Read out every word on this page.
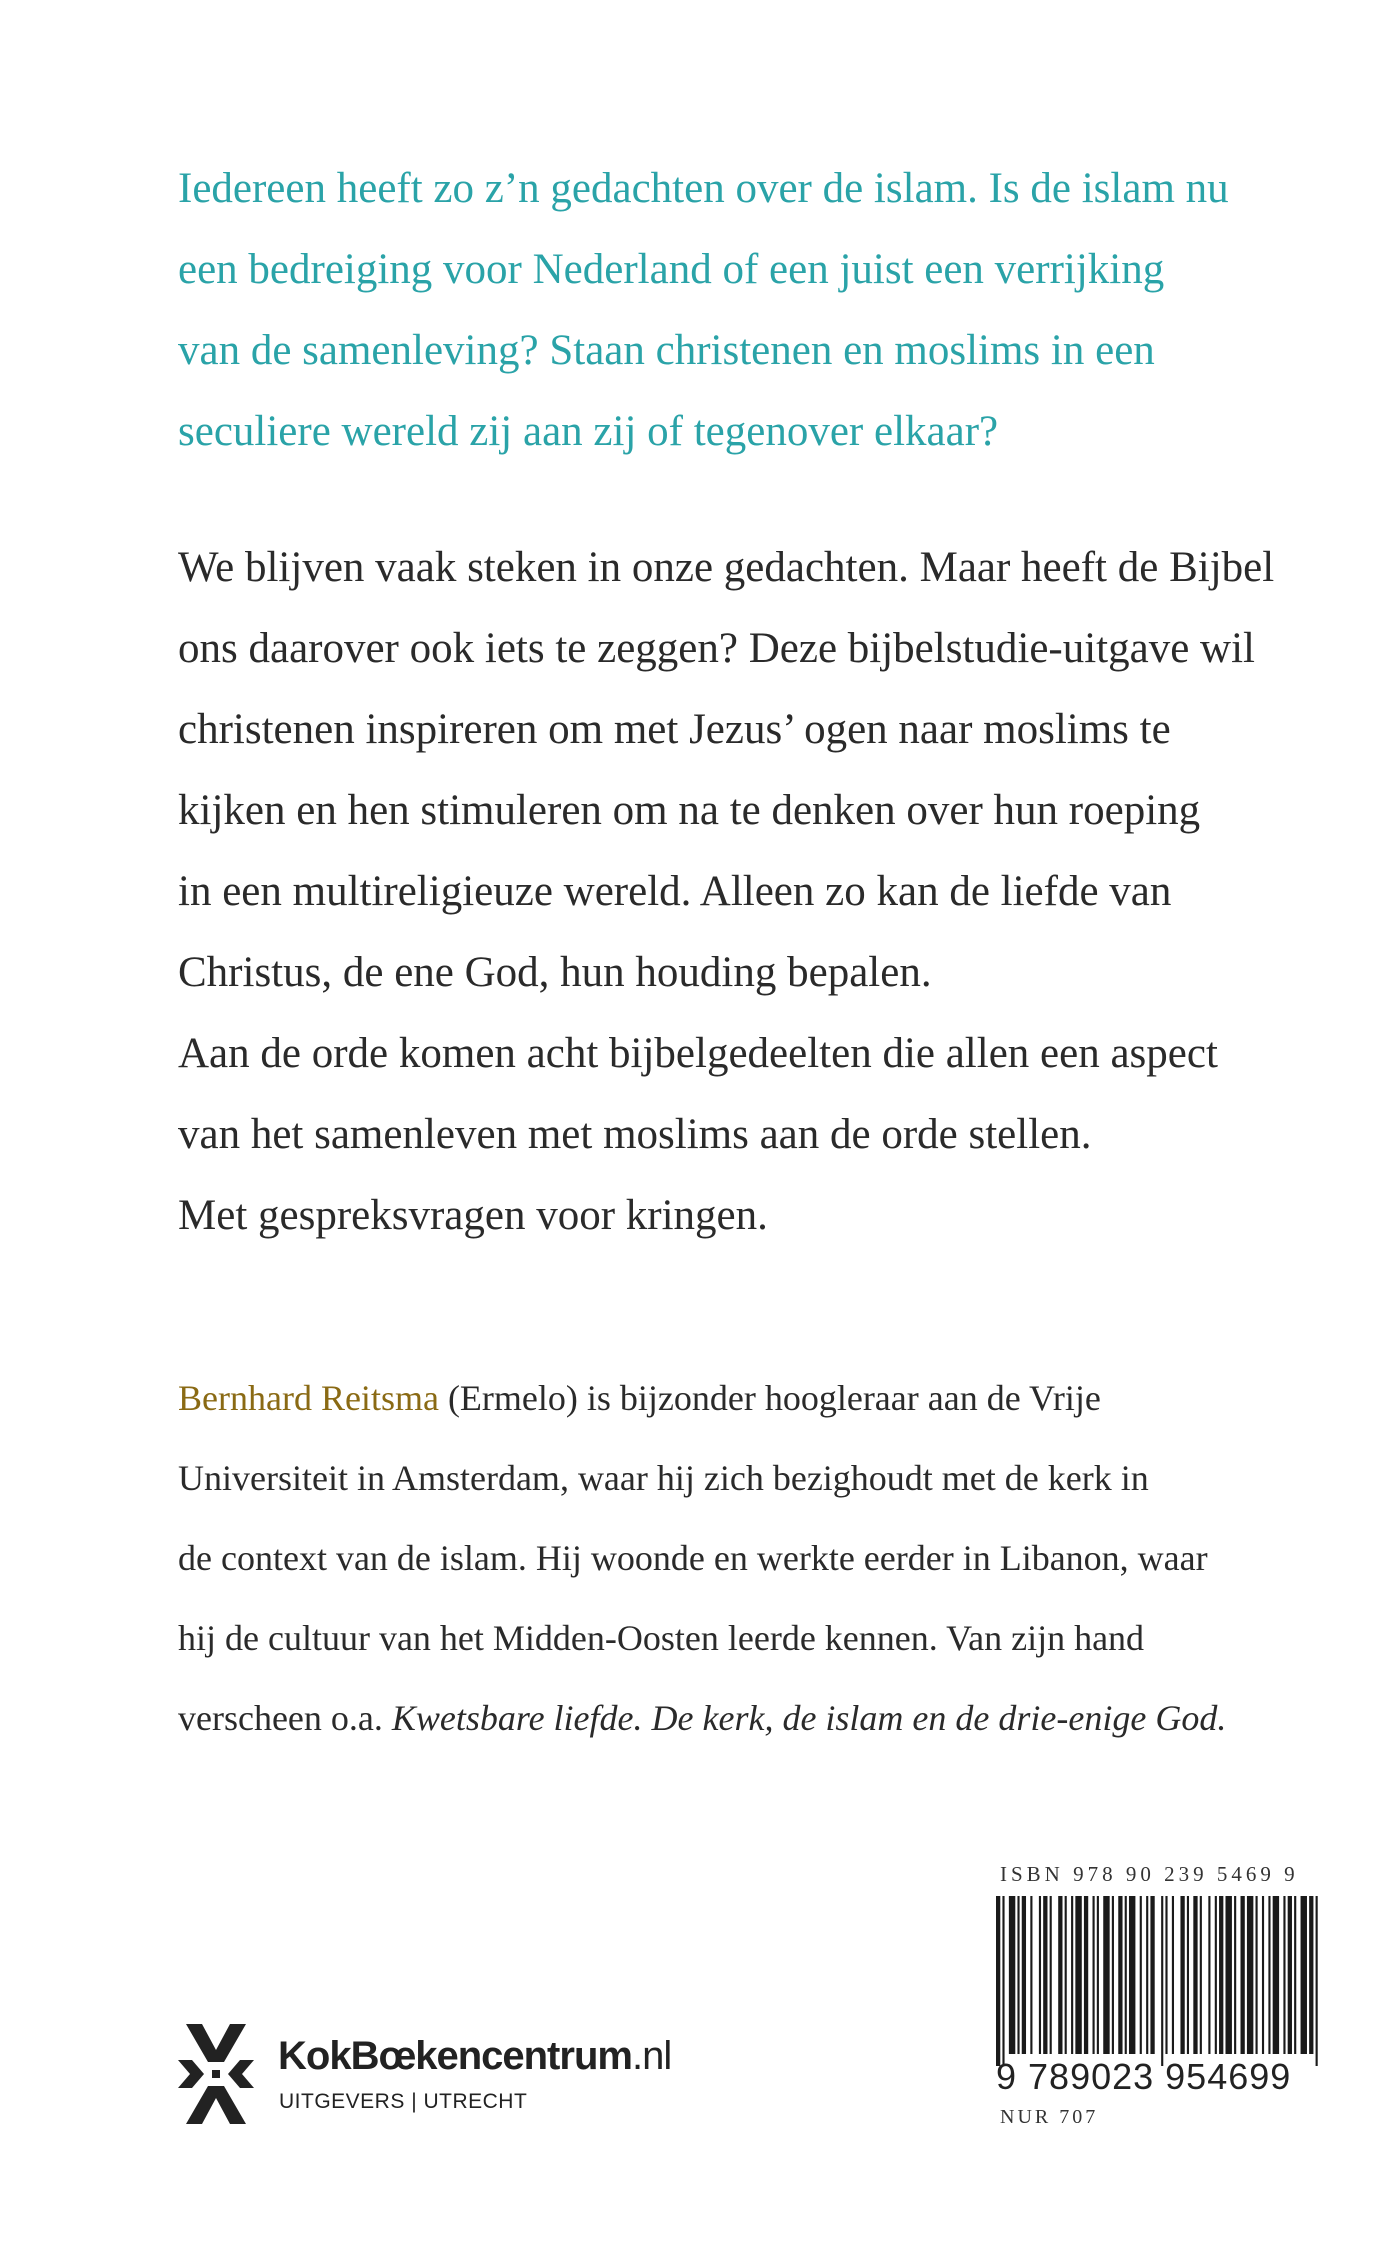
Iedereen heeft zo z’n gedachten over de islam. Is de islam nu

een bedreiging voor Nederland of een juist een verrijking

van de samenleving? Staan christenen en moslims in een

seculiere wereld zij aan zij of tegenover elkaar?

We blijven vaak steken in onze gedachten. Maar heeft de Bijbel

ons daarover ook iets te zeggen? Deze bijbelstudie-uitgave wil

christenen inspireren om met Jezus’ ogen naar moslims te

kijken en hen stimuleren om na te denken over hun roeping

in een multireligieuze wereld. Alleen zo kan de liefde van

Christus, de ene God, hun houding bepalen.

Aan de orde komen acht bijbelgedeelten die allen een aspect

van het samenleven met moslims aan de orde stellen.

Met gespreksvragen voor kringen.

Bernhard Reitsma (Ermelo) is bijzonder hoogleraar aan de Vrije

Universiteit in Amsterdam, waar hij zich bezighoudt met de kerk in

de context van de islam. Hij woonde en werkte eerder in Libanon, waar

hij de cultuur van het Midden-Oosten leerde kennen. Van zijn hand

verscheen o.a. Kwetsbare liefde. De kerk, de islam en de drie-enige God.

KokBœkencentrum.nl
UITGEVERS | UTRECHT
ISBN 978 90 239 5469 9
9 789023 954699
NUR 707
